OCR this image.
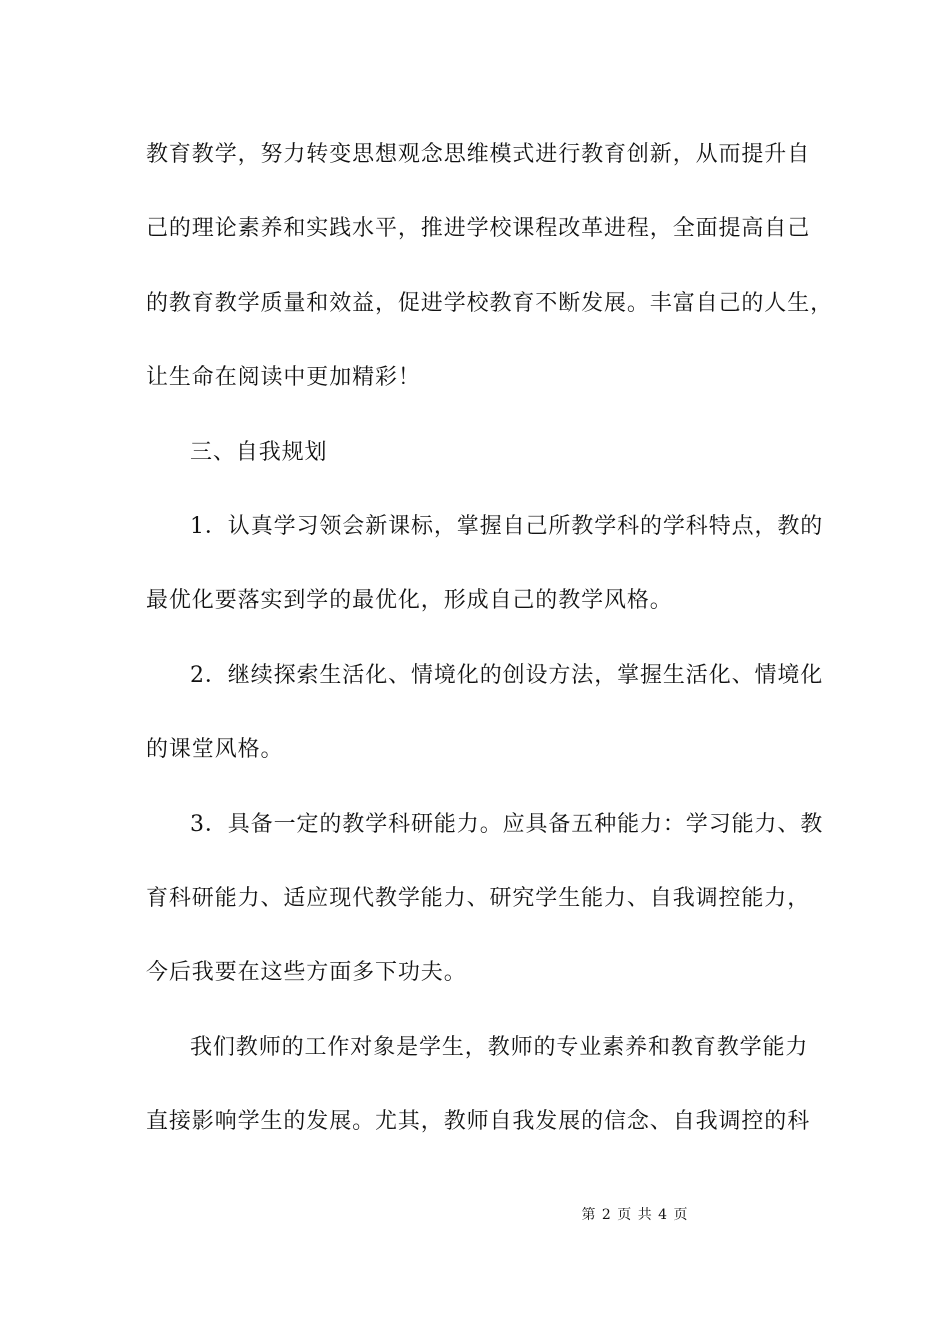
教育教学，努力转变思想观念思维模式进行教育创新，从而提升自
己的理论素养和实践水平，推进学校课程改革进程，全面提高自己
的教育教学质量和效益，促进学校教育不断发展。丰富自己的人生，
让生命在阅读中更加精彩！
三、自我规划
1．认真学习领会新课标，掌握自己所教学科的学科特点，教的
最优化要落实到学的最优化，形成自己的教学风格。
2．继续探索生活化、情境化的创设方法，掌握生活化、情境化
的课堂风格。
3．具备一定的教学科研能力。应具备五种能力：学习能力、教
育科研能力、适应现代教学能力、研究学生能力、自我调控能力，
今后我要在这些方面多下功夫。
我们教师的工作对象是学生，教师的专业素养和教育教学能力
直接影响学生的发展。尤其，教师自我发展的信念、自我调控的科
第 2 页 共 4 页
